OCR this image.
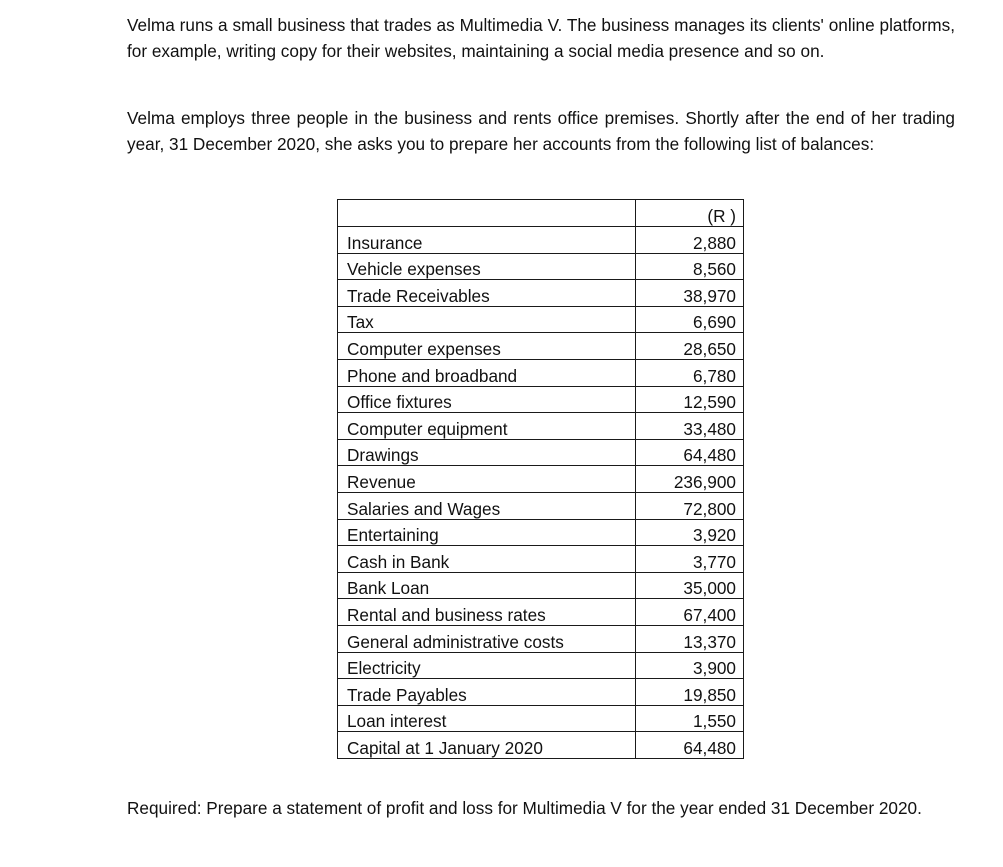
Velma runs a small business that trades as Multimedia V. The business manages its clients' online platforms, for example, writing copy for their websites, maintaining a social media presence and so on.

Velma employs three people in the business and rents office premises. Shortly after the end of her trading year, 31 December 2020, she asks you to prepare her accounts from the following list of balances:

	(R )
Insurance	2,880
Vehicle expenses	8,560
Trade Receivables	38,970
Tax	6,690
Computer expenses	28,650
Phone and broadband	6,780
Office fixtures	12,590
Computer equipment	33,480
Drawings	64,480
Revenue	236,900
Salaries and Wages	72,800
Entertaining	3,920
Cash in Bank	3,770
Bank Loan	35,000
Rental and business rates	67,400
General administrative costs	13,370
Electricity	3,900
Trade Payables	19,850
Loan interest	1,550
Capital at 1 January 2020	64,480

Required: Prepare a statement of profit and loss for Multimedia V for the year ended 31 December 2020.
